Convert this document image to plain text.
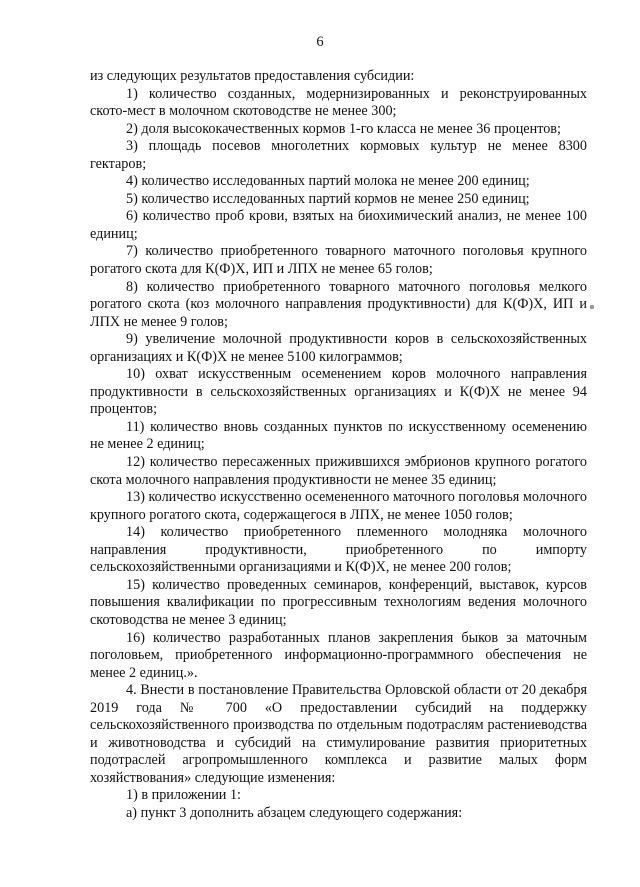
6

из следующих результатов предоставления субсидии:

1) количество созданных, модернизированных и реконструированных ското-мест в молочном скотоводстве не менее 300;

2) доля высококачественных кормов 1-го класса не менее 36 процентов;

3) площадь посевов многолетних кормовых культур не менее 8300 гектаров;

4) количество исследованных партий молока не менее 200 единиц;

5) количество исследованных партий кормов не менее 250 единиц;

6) количество проб крови, взятых на биохимический анализ, не менее 100 единиц;

7) количество приобретенного товарного маточного поголовья крупного рогатого скота для К(Ф)Х, ИП и ЛПХ не менее 65 голов;

8) количество приобретенного товарного маточного поголовья мелкого рогатого скота (коз молочного направления продуктивности) для К(Ф)Х, ИП и ЛПХ не менее 9 голов;

9) увеличение молочной продуктивности коров в сельскохозяйственных организациях и К(Ф)Х не менее 5100 килограммов;

10) охват искусственным осеменением коров молочного направления продуктивности в сельскохозяйственных организациях и К(Ф)Х не менее 94 процентов;

11) количество вновь созданных пунктов по искусственному осеменению не менее 2 единиц;

12) количество пересаженных прижившихся эмбрионов крупного рогатого скота молочного направления продуктивности не менее 35 единиц;

13) количество искусственно осемененного маточного поголовья молочного крупного рогатого скота, содержащегося в ЛПХ, не менее 1050 голов;

14) количество приобретенного племенного молодняка молочного направления продуктивности, приобретенного по импорту сельскохозяйственными организациями и К(Ф)Х, не менее 200 голов;

15) количество проведенных семинаров, конференций, выставок, курсов повышения квалификации по прогрессивным технологиям ведения молочного скотоводства не менее 3 единиц;

16) количество разработанных планов закрепления быков за маточным поголовьем, приобретенного информационно-программного обеспечения не менее 2 единиц.».

4. Внести в постановление Правительства Орловской области от 20 декабря 2019 года № 700 «О предоставлении субсидий на поддержку сельскохозяйственного производства по отдельным подотраслям растениеводства и животноводства и субсидий на стимулирование развития приоритетных подотраслей агропромышленного комплекса и развитие малых форм хозяйствования» следующие изменения:

1) в приложении 1:

а) пункт 3 дополнить абзацем следующего содержания:
